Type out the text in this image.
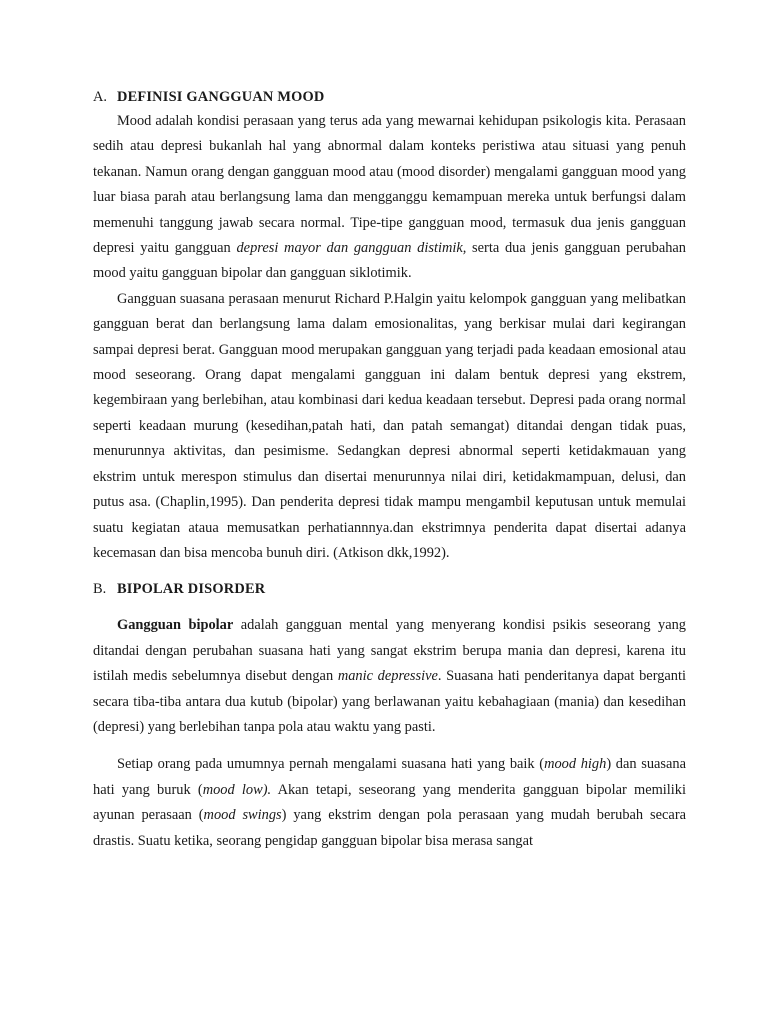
A. DEFINISI GANGGUAN MOOD

Mood adalah kondisi perasaan yang terus ada yang mewarnai kehidupan psikologis kita. Perasaan sedih atau depresi bukanlah hal yang abnormal dalam konteks peristiwa atau situasi yang penuh tekanan. Namun orang dengan gangguan mood atau (mood disorder) mengalami gangguan mood yang luar biasa parah atau berlangsung lama dan mengganggu kemampuan mereka untuk berfungsi dalam memenuhi tanggung jawab secara normal. Tipe-tipe gangguan mood, termasuk dua jenis gangguan depresi yaitu gangguan depresi mayor dan gangguan distimik, serta dua jenis gangguan perubahan mood yaitu gangguan bipolar dan gangguan siklotimik.

Gangguan suasana perasaan menurut Richard P.Halgin yaitu kelompok gangguan yang melibatkan gangguan berat dan berlangsung lama dalam emosionalitas, yang berkisar mulai dari kegirangan sampai depresi berat. Gangguan mood merupakan gangguan yang terjadi pada keadaan emosional atau mood seseorang. Orang dapat mengalami gangguan ini dalam bentuk depresi yang ekstrem, kegembiraan yang berlebihan, atau kombinasi dari kedua keadaan tersebut. Depresi pada orang normal seperti keadaan murung (kesedihan,patah hati, dan patah semangat) ditandai dengan tidak puas, menurunnya aktivitas, dan pesimisme. Sedangkan depresi abnormal seperti ketidakmauan yang ekstrim untuk merespon stimulus dan disertai menurunnya nilai diri, ketidakmampuan, delusi, dan putus asa. (Chaplin,1995). Dan penderita depresi tidak mampu mengambil keputusan untuk memulai suatu kegiatan ataua memusatkan perhatiannnya.dan ekstrimnya penderita dapat disertai adanya kecemasan dan bisa mencoba bunuh diri. (Atkison dkk,1992).

B. BIPOLAR DISORDER

Gangguan bipolar adalah gangguan mental yang menyerang kondisi psikis seseorang yang ditandai dengan perubahan suasana hati yang sangat ekstrim berupa mania dan depresi, karena itu istilah medis sebelumnya disebut dengan manic depressive. Suasana hati penderitanya dapat berganti secara tiba-tiba antara dua kutub (bipolar) yang berlawanan yaitu kebahagiaan (mania) dan kesedihan (depresi) yang berlebihan tanpa pola atau waktu yang pasti.

Setiap orang pada umumnya pernah mengalami suasana hati yang baik (mood high) dan suasana hati yang buruk (mood low). Akan tetapi, seseorang yang menderita gangguan bipolar memiliki ayunan perasaan (mood swings) yang ekstrim dengan pola perasaan yang mudah berubah secara drastis. Suatu ketika, seorang pengidap gangguan bipolar bisa merasa sangat
